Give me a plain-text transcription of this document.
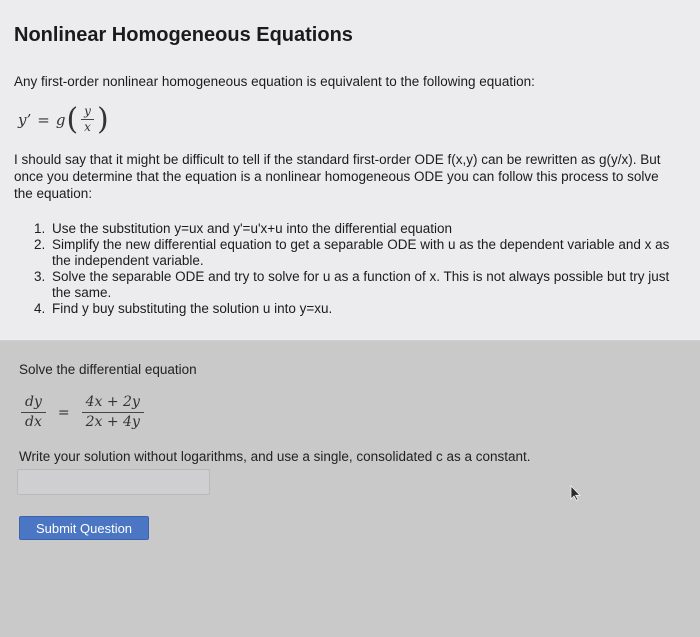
Nonlinear Homogeneous Equations
Any first-order nonlinear homogeneous equation is equivalent to the following equation:
y’ = g ( $\frac{y}{x}$ )
I should say that it might be difficult to tell if the standard first-order ODE f(x,y) can be rewritten as g(y/x). But once you determine that the equation is a nonlinear homogeneous ODE you can follow this process to solve the equation:
1. Use the substitution y=ux and y'=u'x+u into the differential equation
2. Simplify the new differential equation to get a separable ODE with u as the dependent variable and x as the independent variable.
3. Solve the separable ODE and try to solve for u as a function of x. This is not always possible but try just the same.
4. Find y buy substituting the solution u into y=xu.
Solve the differential equation
$\frac{dy}{dx} = \frac{4x + 2y}{2x + 4y}$
Write your solution without logarithms, and use a single, consolidated c as a constant.
Submit Question
